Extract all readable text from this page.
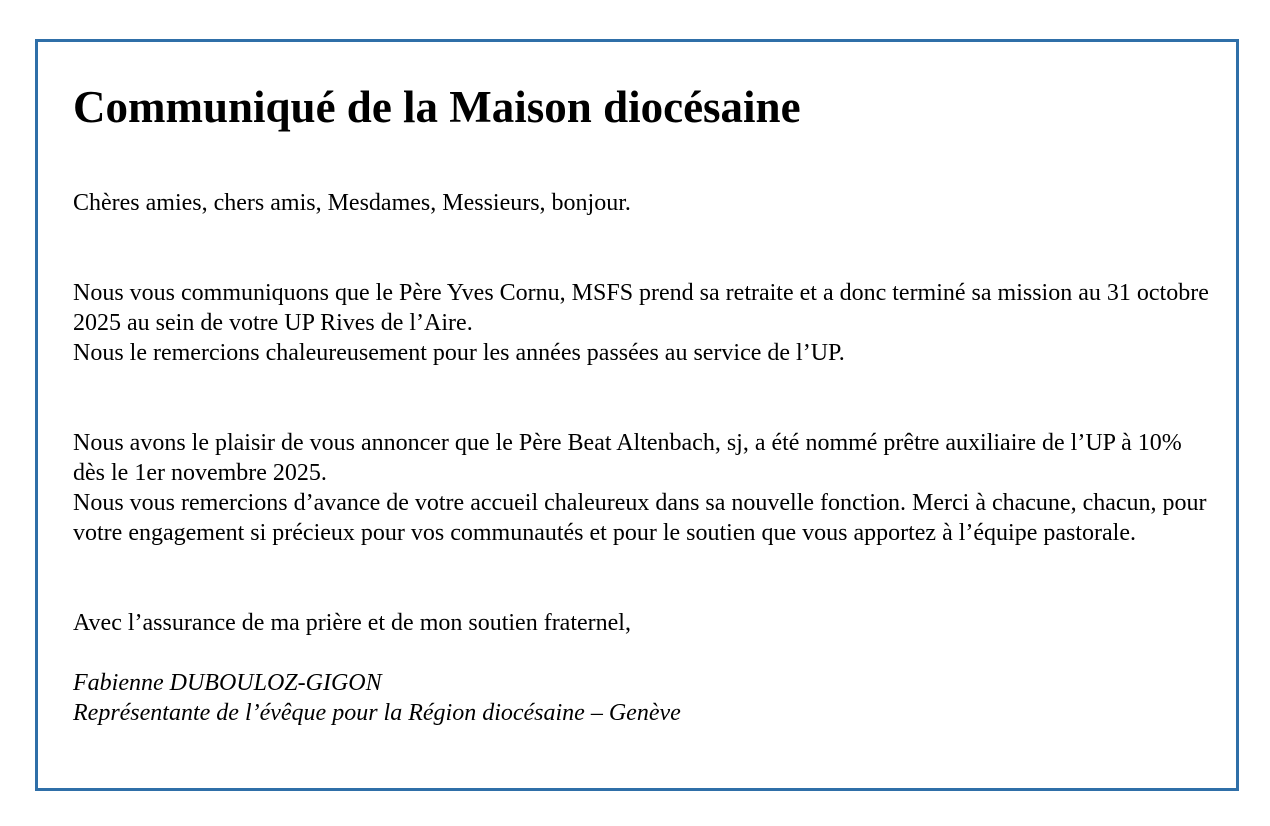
Communiqué de la Maison diocésaine

Chères amies, chers amis, Mesdames, Messieurs, bonjour.

Nous vous communiquons que le Père Yves Cornu, MSFS prend sa retraite et a donc terminé sa mission au 31 octobre 2025 au sein de votre UP Rives de l’Aire.

Nous le remercions chaleureusement pour les années passées au service de l’UP.

Nous avons le plaisir de vous annoncer que le Père Beat Altenbach, sj, a été nommé prêtre auxiliaire de l’UP à 10% dès le 1er novembre 2025.

Nous vous remercions d’avance de votre accueil chaleureux dans sa nouvelle fonction. Merci à chacune, chacun, pour votre engagement si précieux pour vos communautés et pour le soutien que vous apportez à l’équipe pastorale.

Avec l’assurance de ma prière et de mon soutien fraternel,

Fabienne DUBOULOZ-GIGON

Représentante de l’évêque pour la Région diocésaine – Genève
